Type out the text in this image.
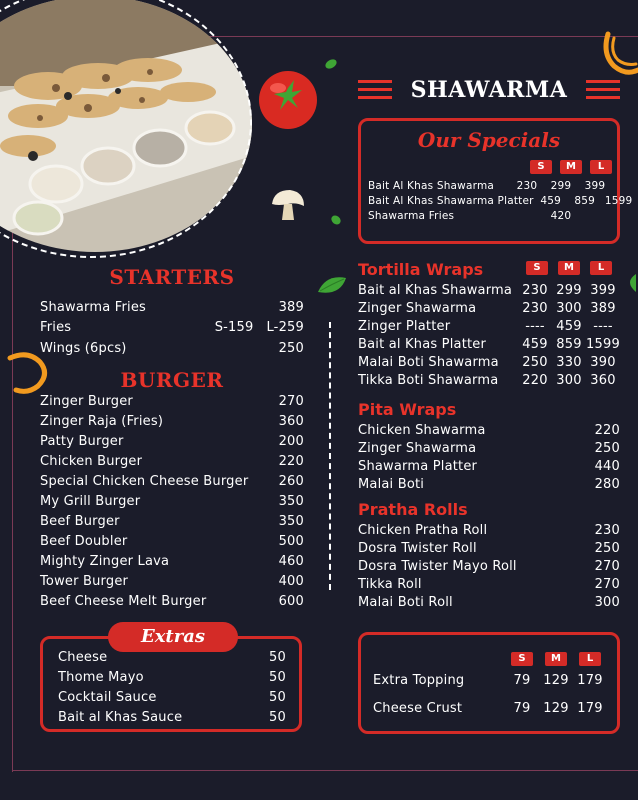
STARTERS
Shawarma Fries	389
Fries	S-159 L-259
Wings (6pcs)	250
BURGER
Extras
SHAWARMA
Our Specials
S	M	L
Tortilla Wraps	S	M	L
Pita Wraps
Pratha Rolls
S	M	L
Zinger Burger	270
Zinger Raja (Fries)	360
Patty Burger	200
Chicken Burger	220
Special Chicken Cheese Burger 260
My Grill Burger	350
Beef Burger	350
Beef Doubler	500
Mighty Zinger Lava	460
Tower Burger	400
Beef Cheese Melt Burger	600
Cheese	50
Thome Mayo	50
Cocktail Sauce	50
Bait al Khas Sauce	50
Bait Al Khas Shawarma	230	299	399
Bait Al Khas Shawarma Platter 459	859 1599
Shawarma Fries	420
Bait al Khas Shawarma 230 299 399
Zinger Shawarma	230 300 389
Zinger Platter	---- 459 ----
Bait al Khas Platter	459 859 1599
Malai Boti Shawarma	250 330 390
Tikka Boti Shawarma	220 300 360
Chicken Shawarma	220
Zinger Shawarma	250
Shawarma Platter	440
Malai Boti	280
Chicken Pratha Roll	230
Dosra Twister Roll	250
Dosra Twister Mayo Roll	270
Tikka Roll	270
Malai Boti Roll	300
Extra Topping	79 129 179
Cheese Crust	79 129 179
